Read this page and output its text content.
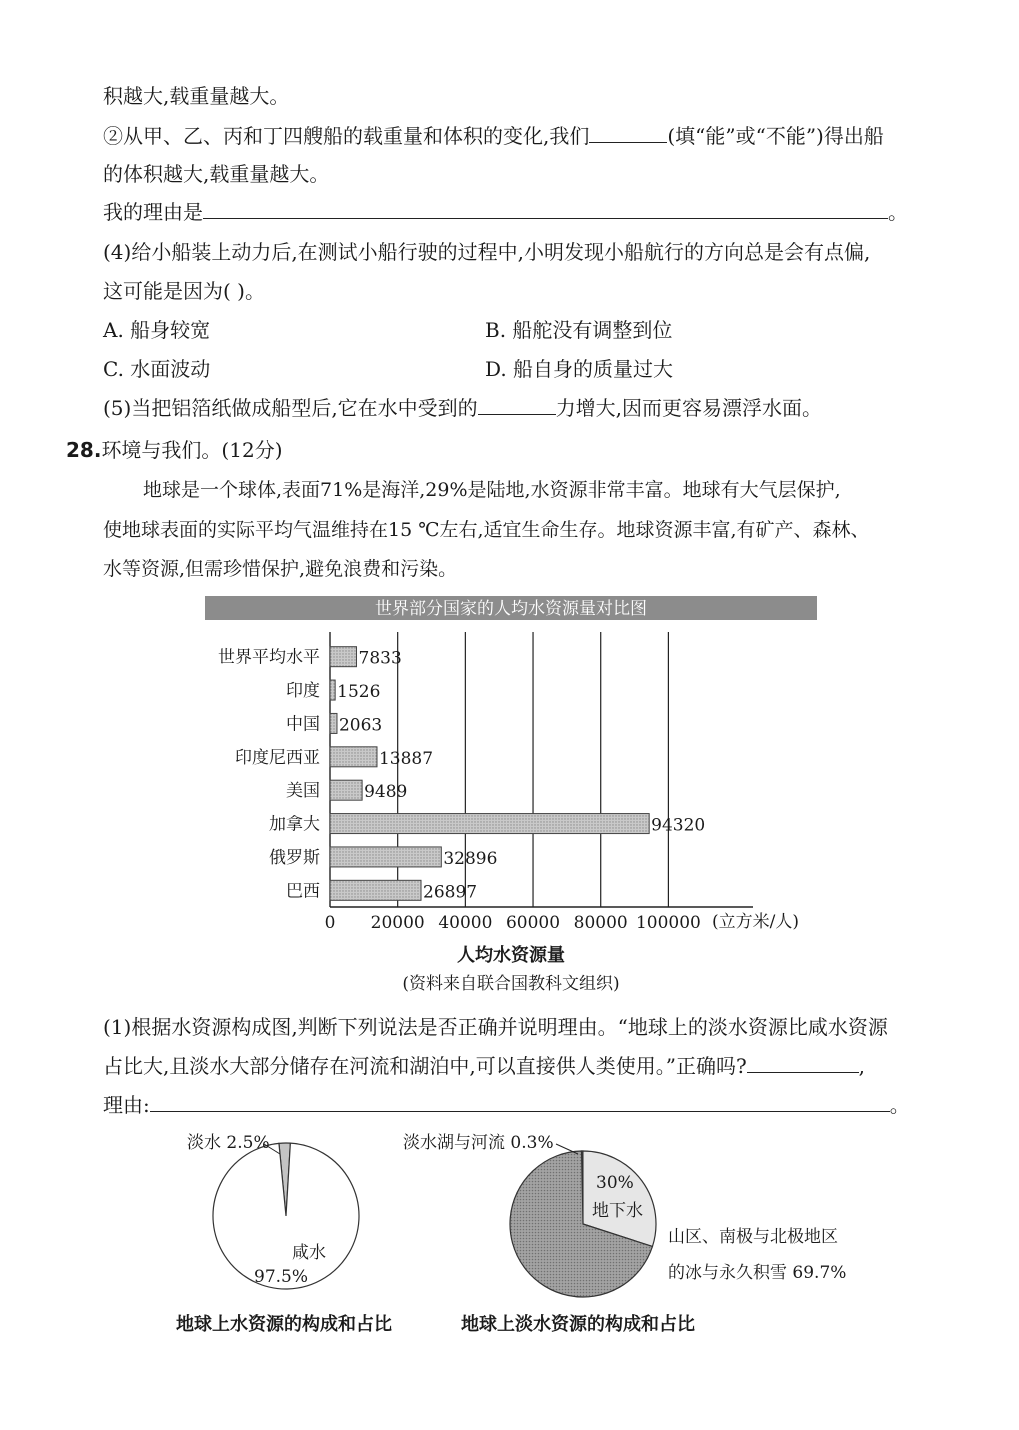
积越大,载重量越大。
②从甲、乙、丙和丁四艘船的载重量和体积的变化,我们	(填“能”或“不能”)得出船
的体积越大,载重量越大。
我的理由是	。
(4)给小船装上动力后,在测试小船行驶的过程中,小明发现小船航行的方向总是会有点偏,
这可能是因为( )。
A. 船身较宽	B. 船舵没有调整到位
C. 水面波动	D. 船自身的质量过大
(5)当把铝箔纸做成船型后,它在水中受到的	力增大,因而更容易漂浮水面。
28.环境与我们。(12分)
地球是一个球体,表面71%是海洋,29%是陆地,水资源非常丰富。地球有大气层保护,
使地球表面的实际平均气温维持在15 ℃左右,适宜生命生存。地球资源丰富,有矿产、森林、
水等资源,但需珍惜保护,避免浪费和污染。
世界部分国家的人均水资源量对比图
7833
1526
2063
13887
9489
94320
32896
26897
世界平均水平
印度
中国
印度尼西亚
美国
加拿大
俄罗斯
巴西
0 20000 40000 60000 80000 100000 (立方米/人)
人均水资源量
(资料来自联合国教科文组织)
(1)根据水资源构成图,判断下列说法是否正确并说明理由。“地球上的淡水资源比咸水资源
占比大,且淡水大部分储存在河流和湖泊中,可以直接供人类使用。”正确吗?	,
理由:	。
淡水 2.5%
咸水
97.5%
淡水湖与河流 0.3%
30%
地下水
山区、南极与北极地区
的冰与永久积雪 69.7%
地球上水资源的构成和占比	地球上淡水资源的构成和占比
